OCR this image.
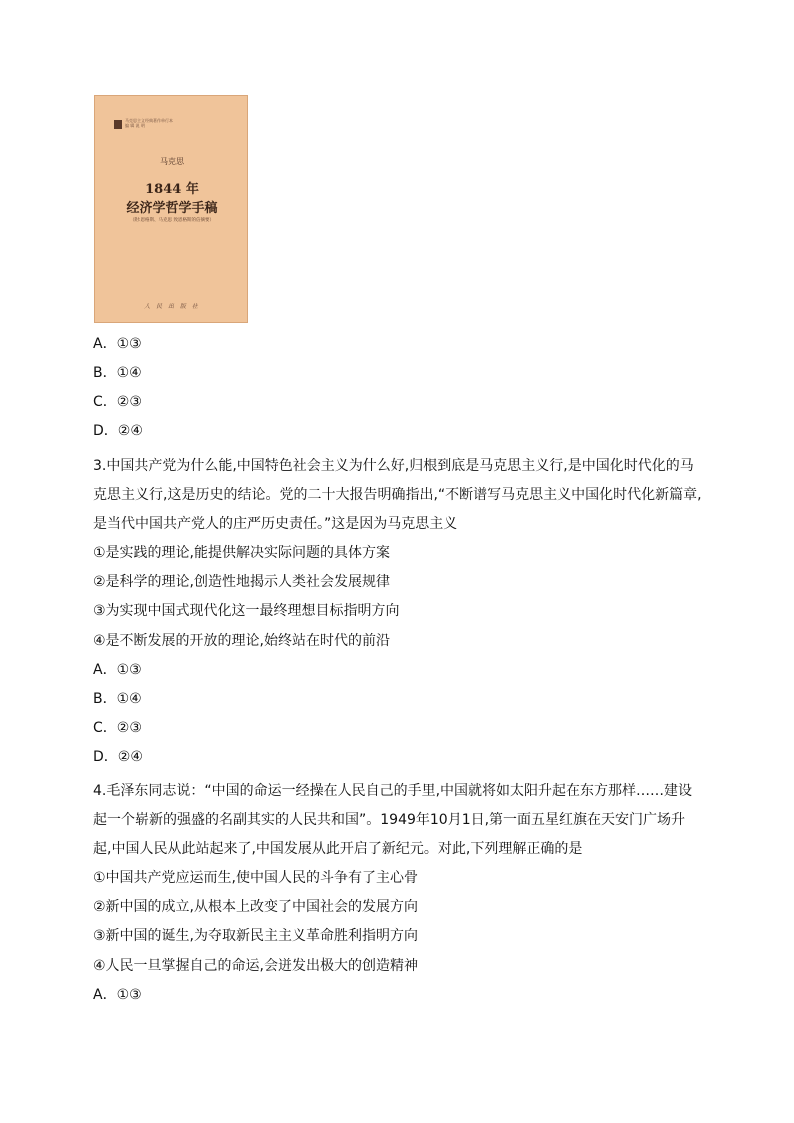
马克思主义经典著作单行本
编 辑 说 明
马克思
1844 年
经济学哲学手稿
（附:恩格斯、马克思 致恩格斯的信摘要）
人 民 出 版 社
A．①③
B．①④
C．②③
D．②④
3.中国共产党为什么能,中国特色社会主义为什么好,归根到底是马克思主义行,是中国化时代化的马
克思主义行,这是历史的结论。党的二十大报告明确指出,“不断谱写马克思主义中国化时代化新篇章,
是当代中国共产党人的庄严历史责任。”这是因为马克思主义
①是实践的理论,能提供解决实际问题的具体方案
②是科学的理论,创造性地揭示人类社会发展规律
③为实现中国式现代化这一最终理想目标指明方向
④是不断发展的开放的理论,始终站在时代的前沿
A．①③
B．①④
C．②③
D．②④
4.毛泽东同志说：“中国的命运一经操在人民自己的手里,中国就将如太阳升起在东方那样……建设
起一个崭新的强盛的名副其实的人民共和国”。1949年10月1日,第一面五星红旗在天安门广场升
起,中国人民从此站起来了,中国发展从此开启了新纪元。对此,下列理解正确的是
①中国共产党应运而生,使中国人民的斗争有了主心骨
②新中国的成立,从根本上改变了中国社会的发展方向
③新中国的诞生,为夺取新民主主义革命胜利指明方向
④人民一旦掌握自己的命运,会迸发出极大的创造精神
A．①③
